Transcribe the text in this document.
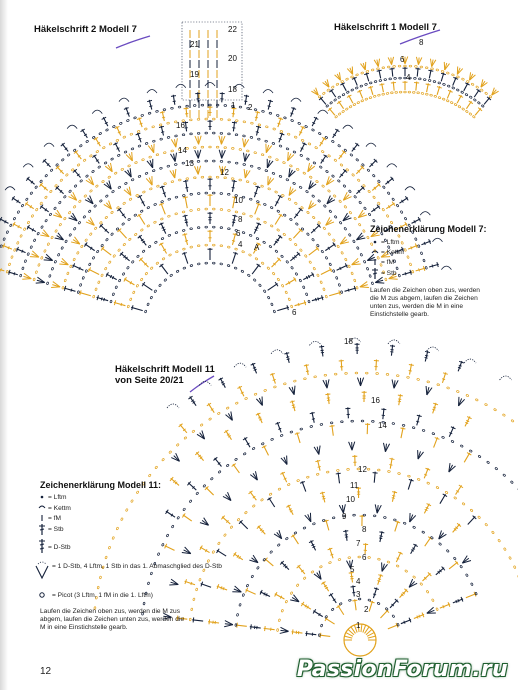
Häkelschrift 2 Modell 7	Häkelschrift 1 Modell 7
Häkelschrift Modell 11
von Seite 20/21
22
21
20
19
18
16
14
13
12
10
8
6
4
2
1
A
6
8
6
4
18
16
14
12
11
10
9
8
7
6
5
4
3
2
1
Zeichenerklärung Modell 7:
= Lftm
= Kettm
= fM
= Stb
Zeichenerklärung Modell 11:
= Lftm
= Kettm
= fM
= Stb
= D-Stb
= 1 D-Stb, 4 Lftm, 1 Stb in das 1. Abmaschglied des D-Stb
= Picot (3 Lftm, 1 fM in die 1. Lftm)
12
Laufen die Zeichen oben zus, werden die M zus abgem, laufen die Zeichen unten zus, werden die M in eine Einstichstelle gearb.
Laufen die Zeichen oben zus, werden die M zus abgem, laufen die Zeichen unten zus, werden die M in eine Einstichstelle gearb.
PassionForum.ru
